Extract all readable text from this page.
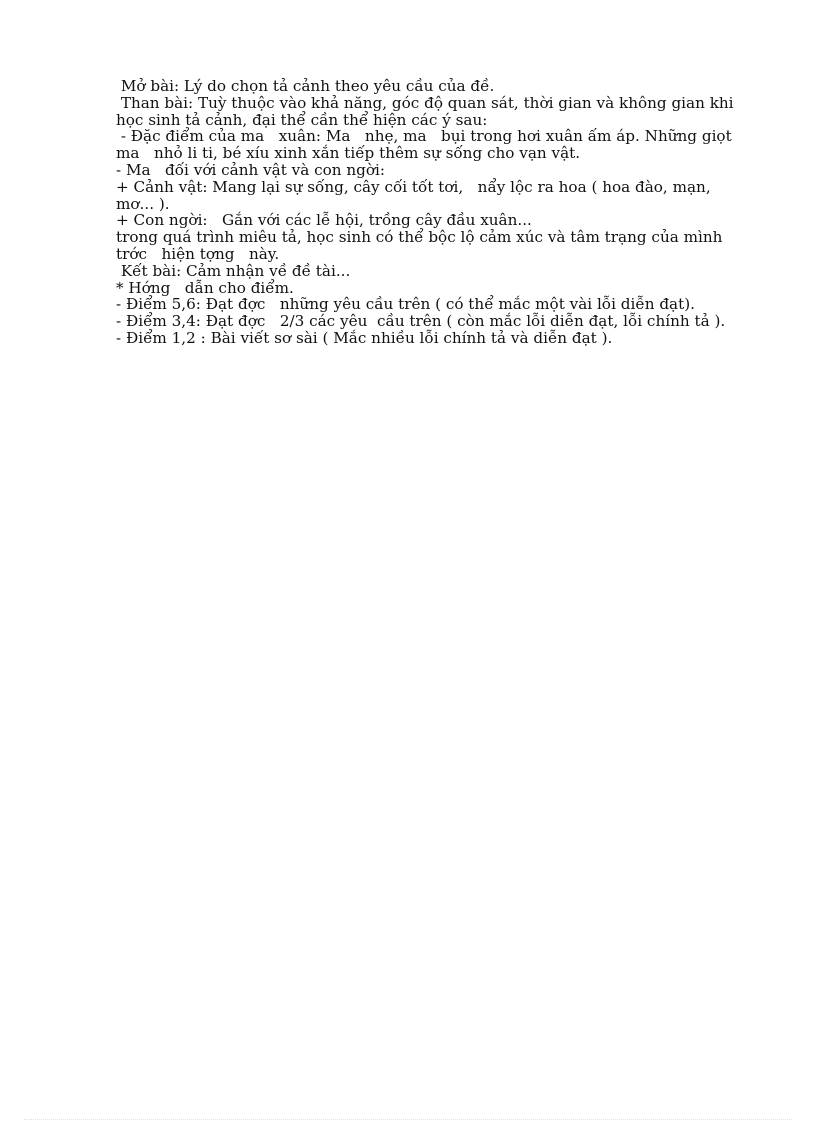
Mở bài: Lý do chọn tả cảnh theo yêu cầu của đề.

Than bài: Tuỳ thuộc vào khả năng, góc độ quan sát, thời gian và không gian khi

học sinh tả cảnh, đại thể cần thể hiện các ý sau:

- Đặc điểm của ma   xuân: Ma   nhẹ, ma   bụi trong hơi xuân ấm áp. Những giọt

ma   nhỏ li ti, bé xíu xinh xắn tiếp thêm sự sống cho vạn vật.

- Ma   đối với cảnh vật và con ngời:

+ Cảnh vật: Mang lại sự sống, cây cối tốt tơi,   nẩy lộc ra hoa ( hoa đào, mạn,

mơ... ).

+ Con ngời:   Gắn với các lễ hội, trồng cây đầu xuân...

trong quá trình miêu tả, học sinh có thể bộc lộ cảm xúc và tâm trạng của mình

trớc   hiện tợng   này.

Kết bài: Cảm nhận về đề tài...

* Hớng   dẫn cho điểm.

- Điểm 5,6: Đạt đợc   những yêu cầu trên ( có thể mắc một vài lỗi diễn đạt).

- Điểm 3,4: Đạt đợc   2/3 các yêu  cầu trên ( còn mắc lỗi diễn đạt, lỗi chính tả ).

- Điểm 1,2 : Bài viết sơ sài ( Mắc nhiều lỗi chính tả và diễn đạt ).
